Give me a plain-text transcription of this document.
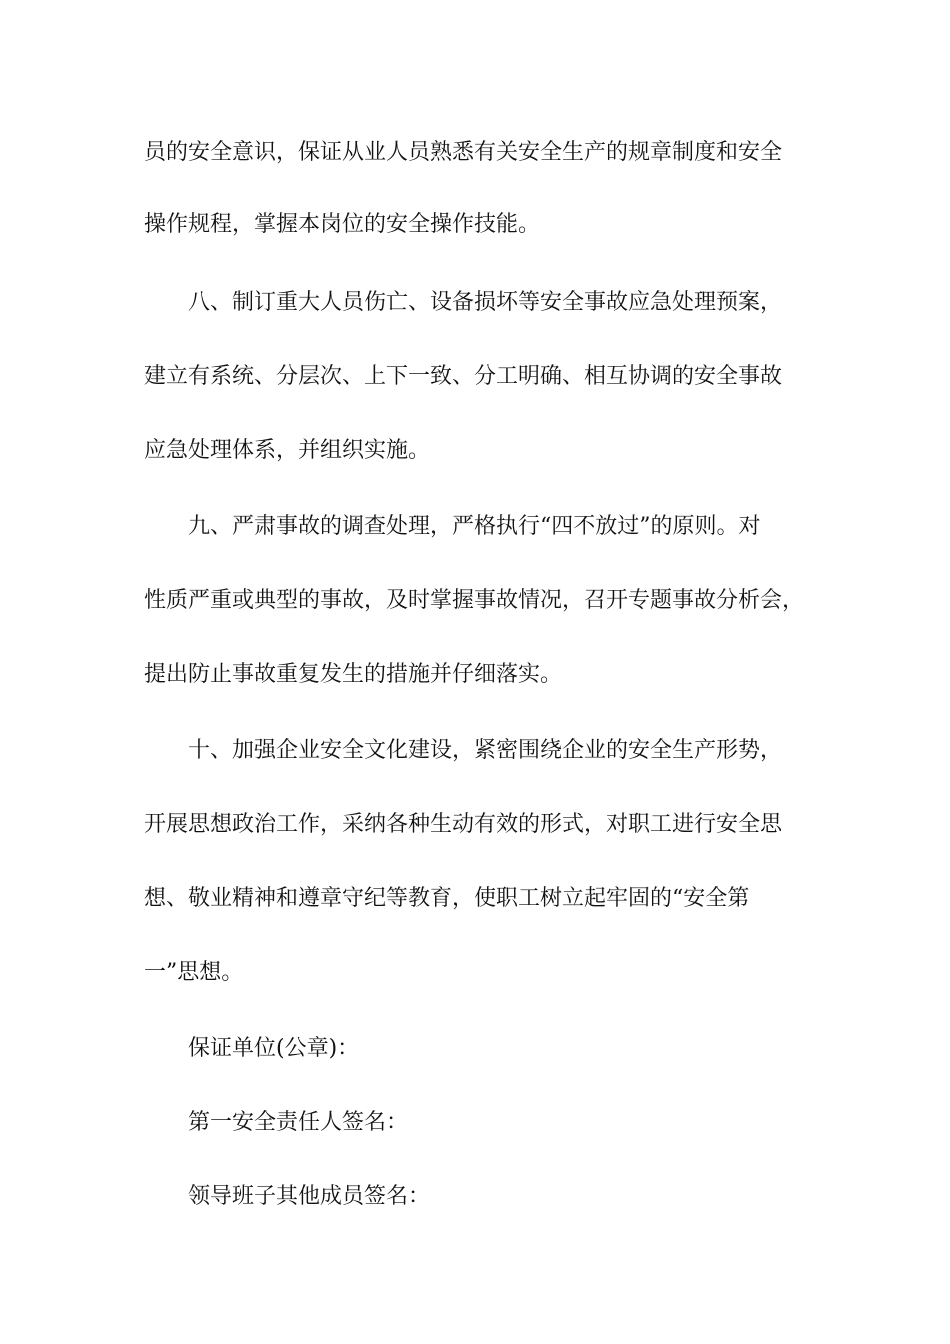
员的安全意识，保证从业人员熟悉有关安全生产的规章制度和安全

操作规程，掌握本岗位的安全操作技能。

八、制订重大人员伤亡、设备损坏等安全事故应急处理预案，

建立有系统、分层次、上下一致、分工明确、相互协调的安全事故

应急处理体系，并组织实施。

九、严肃事故的调查处理，严格执行“四不放过”的原则。对

性质严重或典型的事故，及时掌握事故情况，召开专题事故分析会，

提出防止事故重复发生的措施并仔细落实。

十、加强企业安全文化建设，紧密围绕企业的安全生产形势，

开展思想政治工作，采纳各种生动有效的形式，对职工进行安全思

想、敬业精神和遵章守纪等教育，使职工树立起牢固的“安全第

一”思想。

保证单位(公章)：

第一安全责任人签名：

领导班子其他成员签名：
